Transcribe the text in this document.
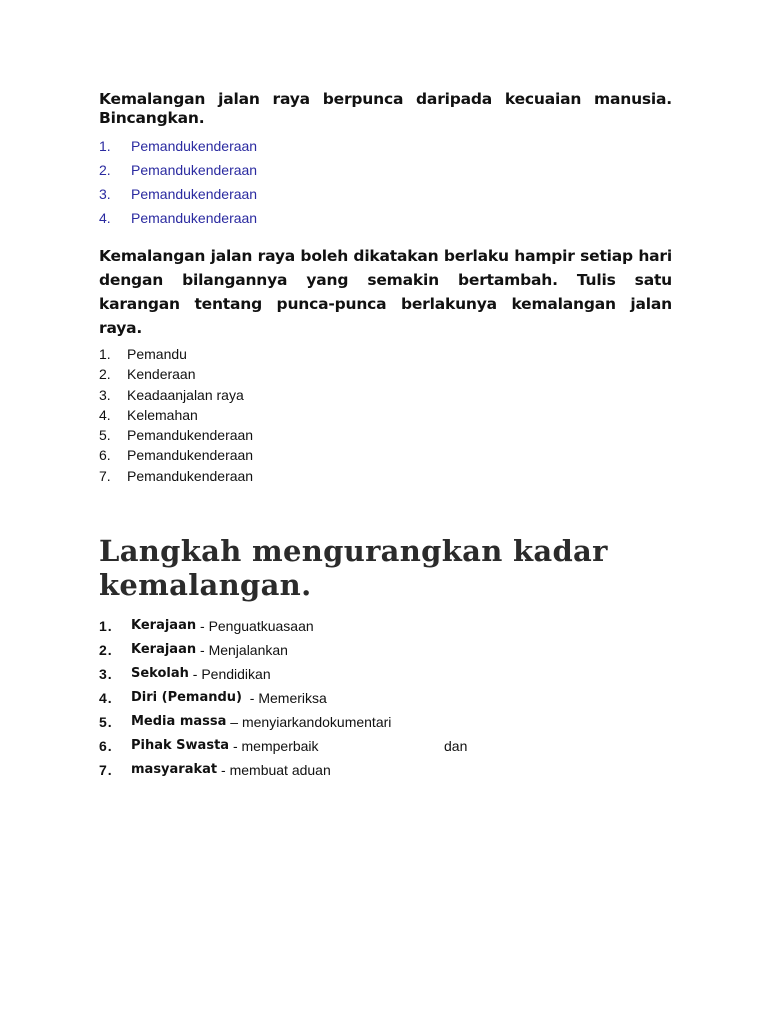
Kemalangan jalan raya berpunca daripada kecuaian manusia. Bincangkan.

1.	Pemandukenderaan
2.	Pemandukenderaan
3.	Pemandukenderaan
4.	Pemandukenderaan

Kemalangan jalan raya boleh dikatakan berlaku hampir setiap hari dengan bilangannya yang semakin bertambah. Tulis satu karangan tentang punca-punca berlakunya kemalangan jalan raya.

1.	Pemandu
2.	Kenderaan
3.	Keadaanjalan raya
4.	Kelemahan
5.	Pemandukenderaan
6.	Pemandukenderaan
7.	Pemandukenderaan
Langkah mengurangkan kadar kemalangan.
1.	Kerajaan - Penguatkuasaan
2.	Kerajaan - Menjalankan
3.	Sekolah - Pendidikan
4.	Diri (Pemandu) - Memeriksa
5.	Media massa – menyiarkandokumentari
6.	Pihak Swasta - memperbaik	dan
7.	masyarakat - membuat aduan
